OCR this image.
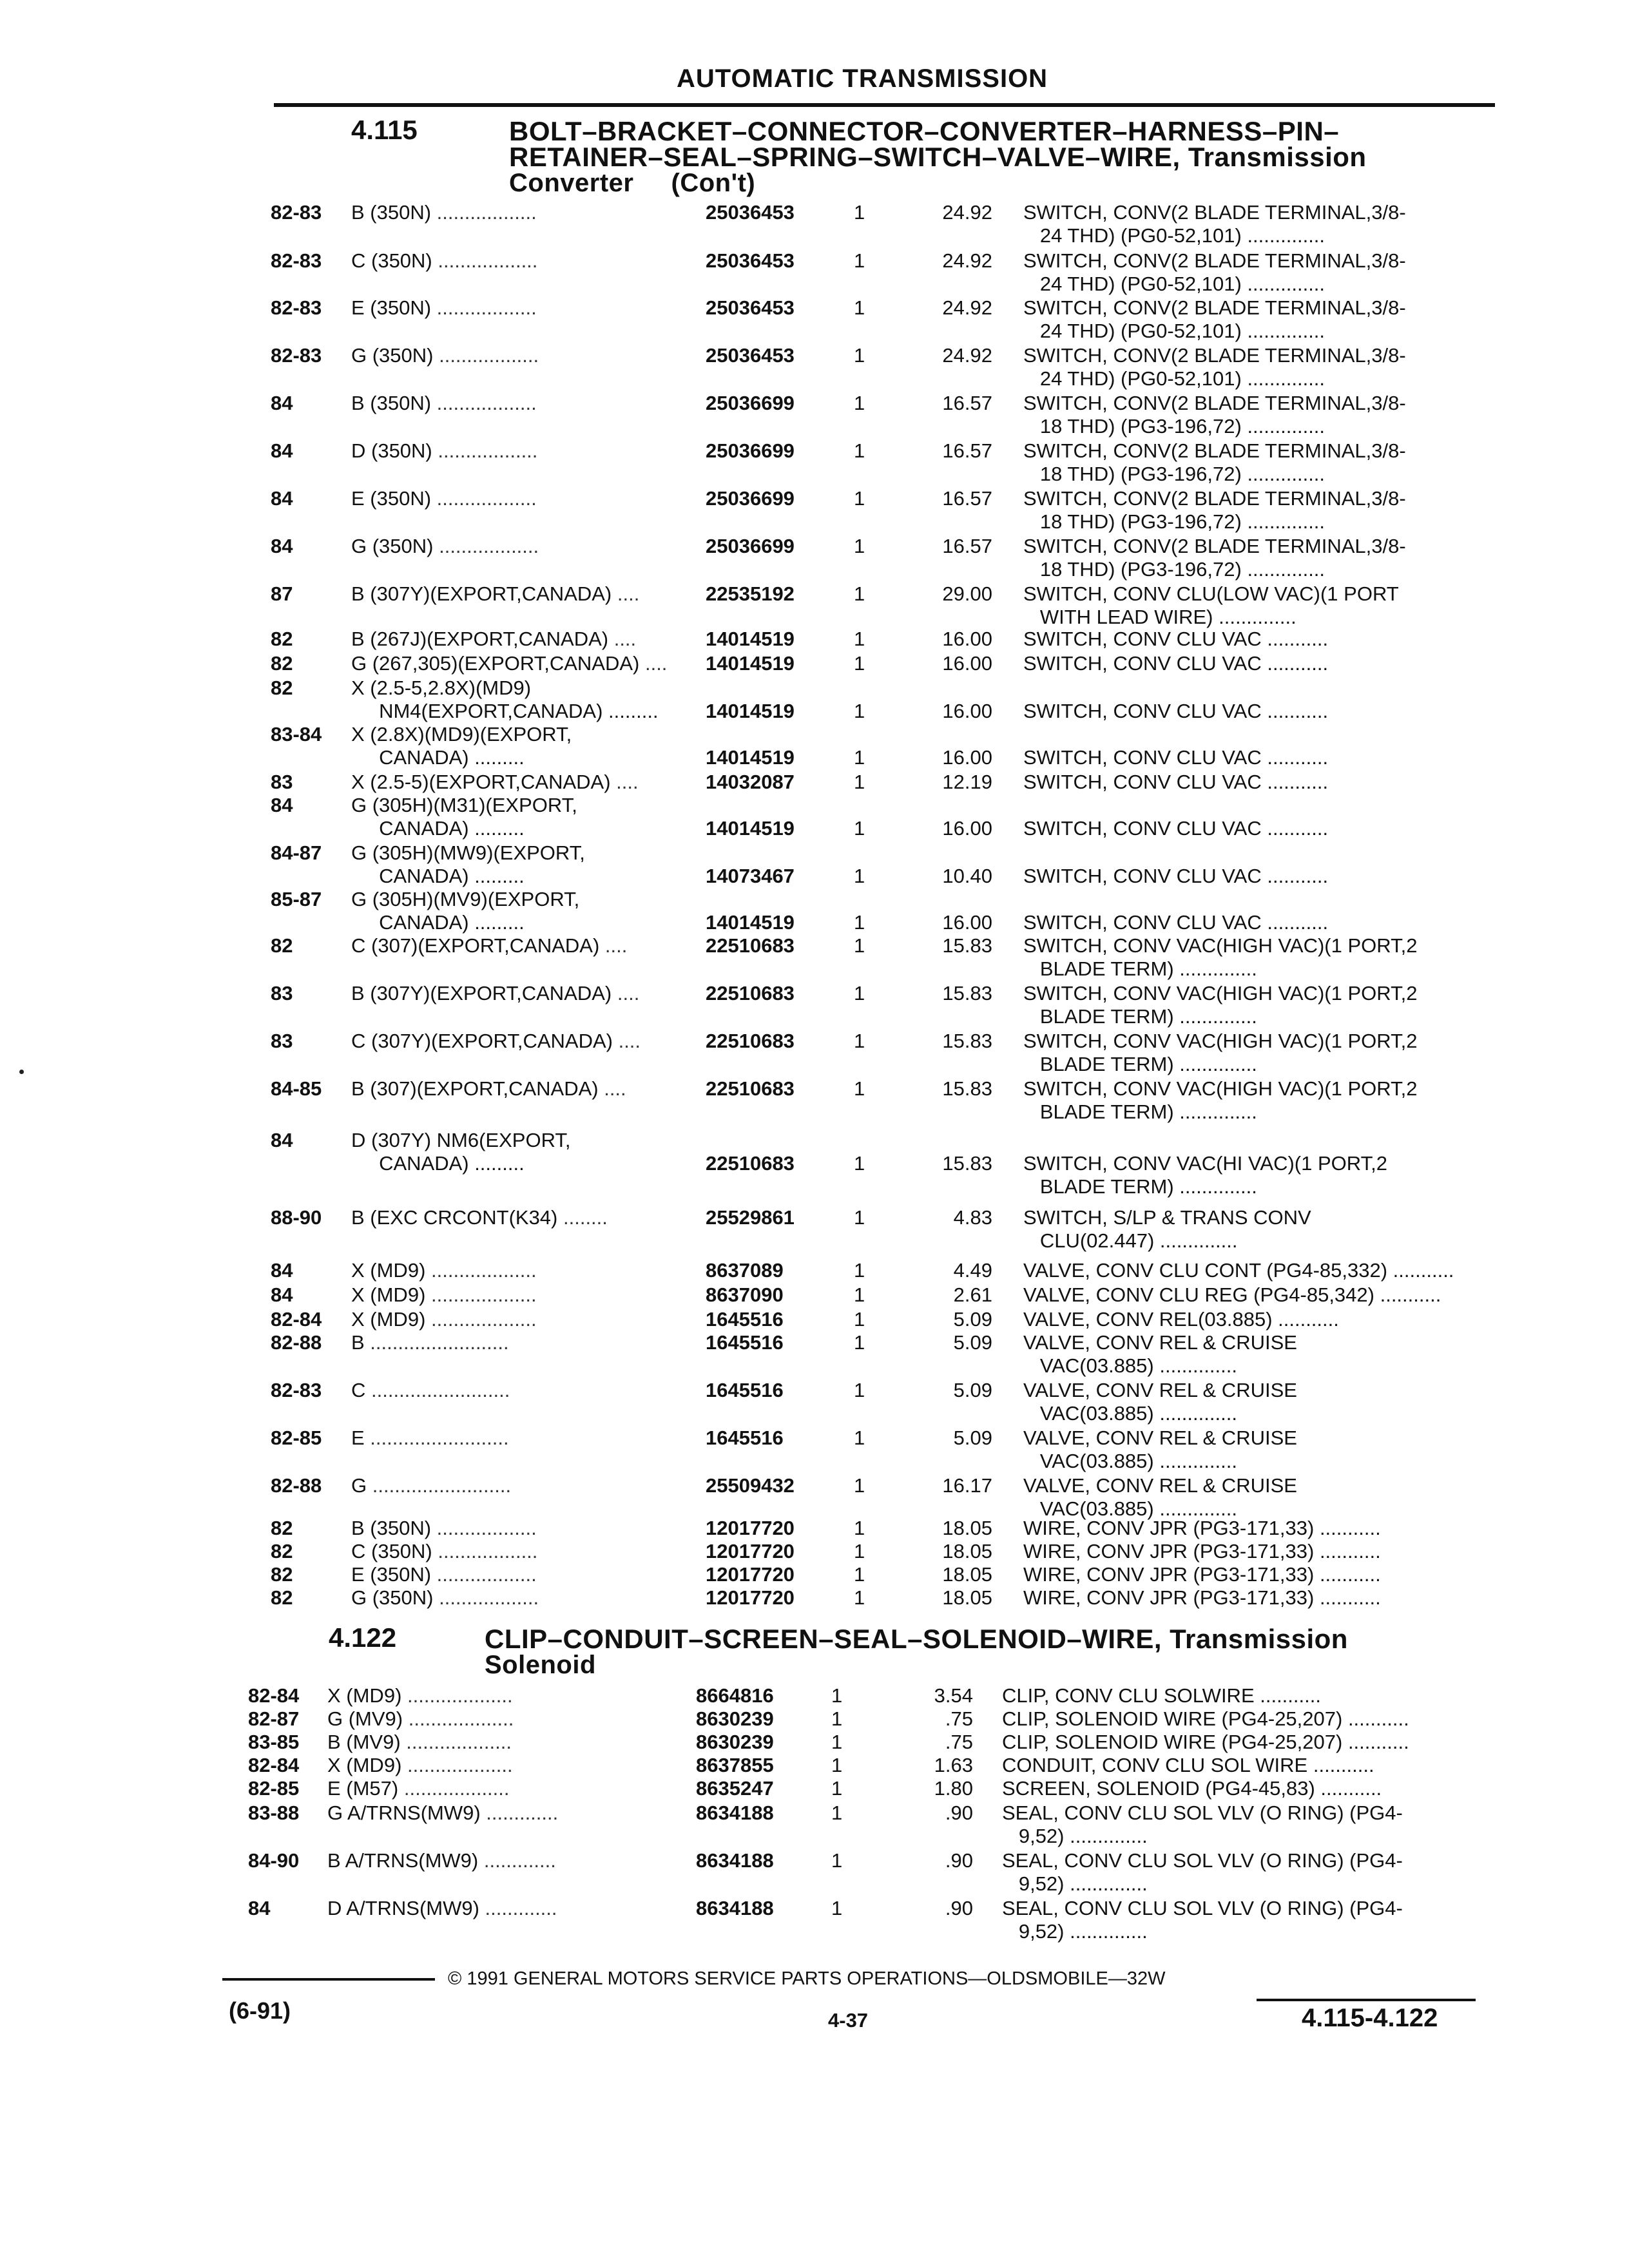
AUTOMATIC TRANSMISSION
4.115	BOLT–BRACKET–CONNECTOR–CONVERTER–HARNESS–PIN–
RETAINER–SEAL–SPRING–SWITCH–VALVE–WIRE, Transmission
Converter     (Con't)
4.122	CLIP–CONDUIT–SCREEN–SEAL–SOLENOID–WIRE, Transmission
Solenoid
82-83 B (350N) ..................	25036453	1	24.92 SWITCH, CONV(2 BLADE TERMINAL,3/8-
24 THD) (PG0-52,101) ..............
82-83 C (350N) ..................	25036453	1	24.92 SWITCH, CONV(2 BLADE TERMINAL,3/8-
24 THD) (PG0-52,101) ..............
82-83 E (350N) ..................	25036453	1	24.92 SWITCH, CONV(2 BLADE TERMINAL,3/8-
24 THD) (PG0-52,101) ..............
82-83 G (350N) ..................	25036453	1	24.92 SWITCH, CONV(2 BLADE TERMINAL,3/8-
24 THD) (PG0-52,101) ..............
84	B (350N) ..................	25036699	1	16.57 SWITCH, CONV(2 BLADE TERMINAL,3/8-
18 THD) (PG3-196,72) ..............
84	D (350N) ..................	25036699	1	16.57 SWITCH, CONV(2 BLADE TERMINAL,3/8-
18 THD) (PG3-196,72) ..............
84	E (350N) ..................	25036699	1	16.57 SWITCH, CONV(2 BLADE TERMINAL,3/8-
18 THD) (PG3-196,72) ..............
84	G (350N) ..................	25036699	1	16.57 SWITCH, CONV(2 BLADE TERMINAL,3/8-
18 THD) (PG3-196,72) ..............
87	B (307Y)(EXPORT,CANADA) ....	22535192	1	29.00 SWITCH, CONV CLU(LOW VAC)(1 PORT
WITH LEAD WIRE) ..............
82	B (267J)(EXPORT,CANADA) ....	14014519	1	16.00 SWITCH, CONV CLU VAC ...........
82	G (267,305)(EXPORT,CANADA) .... 14014519	1	16.00 SWITCH, CONV CLU VAC ...........
82	X (2.5-5,2.8X)(MD9)
NM4(EXPORT,CANADA) ......... 14014519	1	16.00 SWITCH, CONV CLU VAC ...........
83-84 X (2.8X)(MD9)(EXPORT,
CANADA) .........	14014519	1	16.00 SWITCH, CONV CLU VAC ...........
83	X (2.5-5)(EXPORT,CANADA) ....	14032087	1	12.19 SWITCH, CONV CLU VAC ...........
84	G (305H)(M31)(EXPORT,
CANADA) .........	14014519	1	16.00 SWITCH, CONV CLU VAC ...........
84-87 G (305H)(MW9)(EXPORT,
CANADA) .........	14073467	1	10.40 SWITCH, CONV CLU VAC ...........
85-87 G (305H)(MV9)(EXPORT,
CANADA) .........	14014519	1	16.00 SWITCH, CONV CLU VAC ...........
82	C (307)(EXPORT,CANADA) ....	22510683	1	15.83 SWITCH, CONV VAC(HIGH VAC)(1 PORT,2
BLADE TERM) ..............
83	B (307Y)(EXPORT,CANADA) ....	22510683	1	15.83 SWITCH, CONV VAC(HIGH VAC)(1 PORT,2
BLADE TERM) ..............
83	C (307Y)(EXPORT,CANADA) ....	22510683	1	15.83 SWITCH, CONV VAC(HIGH VAC)(1 PORT,2
BLADE TERM) ..............
84-85 B (307)(EXPORT,CANADA) ....	22510683	1	15.83 SWITCH, CONV VAC(HIGH VAC)(1 PORT,2
BLADE TERM) ..............
84	D (307Y) NM6(EXPORT,
CANADA) .........	22510683	1	15.83 SWITCH, CONV VAC(HI VAC)(1 PORT,2
BLADE TERM) ..............
88-90 B (EXC CRCONT(K34) ........	25529861	1	4.83 SWITCH, S/LP & TRANS CONV
CLU(02.447) ..............
84	X (MD9) ...................	8637089	1	4.49 VALVE, CONV CLU CONT (PG4-85,332) ...........
84	X (MD9) ...................	8637090	1	2.61 VALVE, CONV CLU REG (PG4-85,342) ...........
82-84 X (MD9) ...................	1645516	1	5.09 VALVE, CONV REL(03.885) ...........
82-88 B .........................	1645516	1	5.09 VALVE, CONV REL & CRUISE
VAC(03.885) ..............
82-83 C .........................	1645516	1	5.09 VALVE, CONV REL & CRUISE
VAC(03.885) ..............
82-85 E .........................	1645516	1	5.09 VALVE, CONV REL & CRUISE
VAC(03.885) ..............
82-88 G .........................	25509432	1	16.17 VALVE, CONV REL & CRUISE
VAC(03.885) ..............
82	B (350N) ..................	12017720	1	18.05 WIRE, CONV JPR (PG3-171,33) ...........
82	C (350N) ..................	12017720	1	18.05 WIRE, CONV JPR (PG3-171,33) ...........
82	E (350N) ..................	12017720	1	18.05 WIRE, CONV JPR (PG3-171,33) ...........
82	G (350N) ..................	12017720	1	18.05 WIRE, CONV JPR (PG3-171,33) ...........
82-84 X (MD9) ...................	8664816	1	3.54 CLIP, CONV CLU SOLWIRE ...........
82-87 G (MV9) ...................	8630239	1	.75 CLIP, SOLENOID WIRE (PG4-25,207) ...........
83-85 B (MV9) ...................	8630239	1	.75 CLIP, SOLENOID WIRE (PG4-25,207) ...........
82-84 X (MD9) ...................	8637855	1	1.63 CONDUIT, CONV CLU SOL WIRE ...........
82-85 E (M57) ...................	8635247	1	1.80 SCREEN, SOLENOID (PG4-45,83) ...........
83-88 G A/TRNS(MW9) .............	8634188	1	.90 SEAL, CONV CLU SOL VLV (O RING) (PG4-
9,52) ..............
84-90 B A/TRNS(MW9) .............	8634188	1	.90 SEAL, CONV CLU SOL VLV (O RING) (PG4-
9,52) ..............
84	D A/TRNS(MW9) .............	8634188	1	.90 SEAL, CONV CLU SOL VLV (O RING) (PG4-
9,52) ..............
© 1991 GENERAL MOTORS SERVICE PARTS OPERATIONS—OLDSMOBILE—32W
(6-91)	4-37	4.115-4.122
